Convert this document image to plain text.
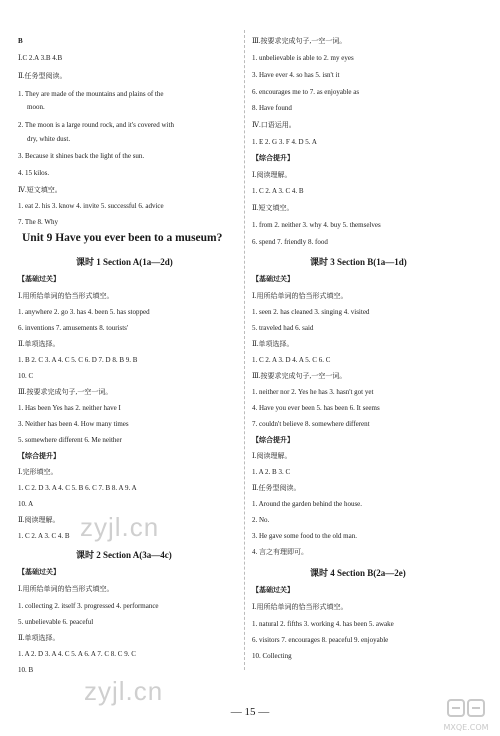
B
Ⅰ.C 2.A 3.B 4.B
Ⅱ.任务型阅读。
1. They are made of the mountains and plains of the
moon.
2. The moon is a large round rock, and it's covered with
dry, white dust.
3. Because it shines back the light of the sun.
4. 15 kilos.
Ⅳ.短文填空。
1. eat 2. his 3. know 4. invite 5. successful 6. advice
7. The 8. Why
Unit 9 Have you ever been to a museum?
课时 1 Section A(1a—2d)
【基础过关】
Ⅰ.用所给单词的恰当形式填空。
1. anywhere 2. go 3. has 4. been 5. has stopped
6. inventions 7. amusements 8. tourists'
Ⅱ.单项选择。
1. B 2. C 3. A 4. C 5. C 6. D 7. D 8. B 9. B
10. C
Ⅲ.按要求完成句子,一空一词。
1. Has been Yes has 2. neither have I
3. Neither has been 4. How many times
5. somewhere different 6. Me neither
【综合提升】
Ⅰ.完形填空。
1. C 2. D 3. A 4. C 5. B 6. C 7. B 8. A 9. A
10. A
Ⅱ.阅读理解。
1. C 2. A 3. C 4. B
课时 2 Section A(3a—4c)
【基础过关】
Ⅰ.用所给单词的恰当形式填空。
1. collecting 2. itself 3. progressed 4. performance
5. unbelievable 6. peaceful
Ⅱ.单项选择。
1. A 2. D 3. A 4. C 5. A 6. A 7. C 8. C 9. C
10. B
Ⅲ.按要求完成句子,一空一词。
1. unbelievable is able to 2. my eyes
3. Have ever 4. so has 5. isn't it
6. encourages me to 7. as enjoyable as
8. Have found
Ⅳ.口语运用。
1. E 2. G 3. F 4. D 5. A
【综合提升】
Ⅰ.阅读理解。
1. C 2. A 3. C 4. B
Ⅱ.短文填空。
1. from 2. neither 3. why 4. buy 5. themselves
6. spend 7. friendly 8. food
课时 3 Section B(1a—1d)
【基础过关】
Ⅰ.用所给单词的恰当形式填空。
1. seen 2. has cleaned 3. singing 4. visited
5. traveled had 6. said
Ⅱ.单项选择。
1. C 2. A 3. D 4. A 5. C 6. C
Ⅲ.按要求完成句子,一空一词。
1. neither nor 2. Yes he has 3. hasn't got yet
4. Have you ever been 5. has been 6. It seems
7. couldn't believe 8. somewhere different
【综合提升】
Ⅰ.阅读理解。
1. A 2. B 3. C
Ⅱ.任务型阅读。
1. Around the garden behind the house.
2. No.
3. He gave some food to the old man.
4. 言之有理即可。
课时 4 Section B(2a—2e)
【基础过关】
Ⅰ.用所给单词的恰当形式填空。
1. natural 2. fifths 3. working 4. has been 5. awake
6. visitors 7. encourages 8. peaceful 9. enjoyable
10. Collecting
zyjl.cn
zyjl.cn
— 15 —
MXQE.COM
